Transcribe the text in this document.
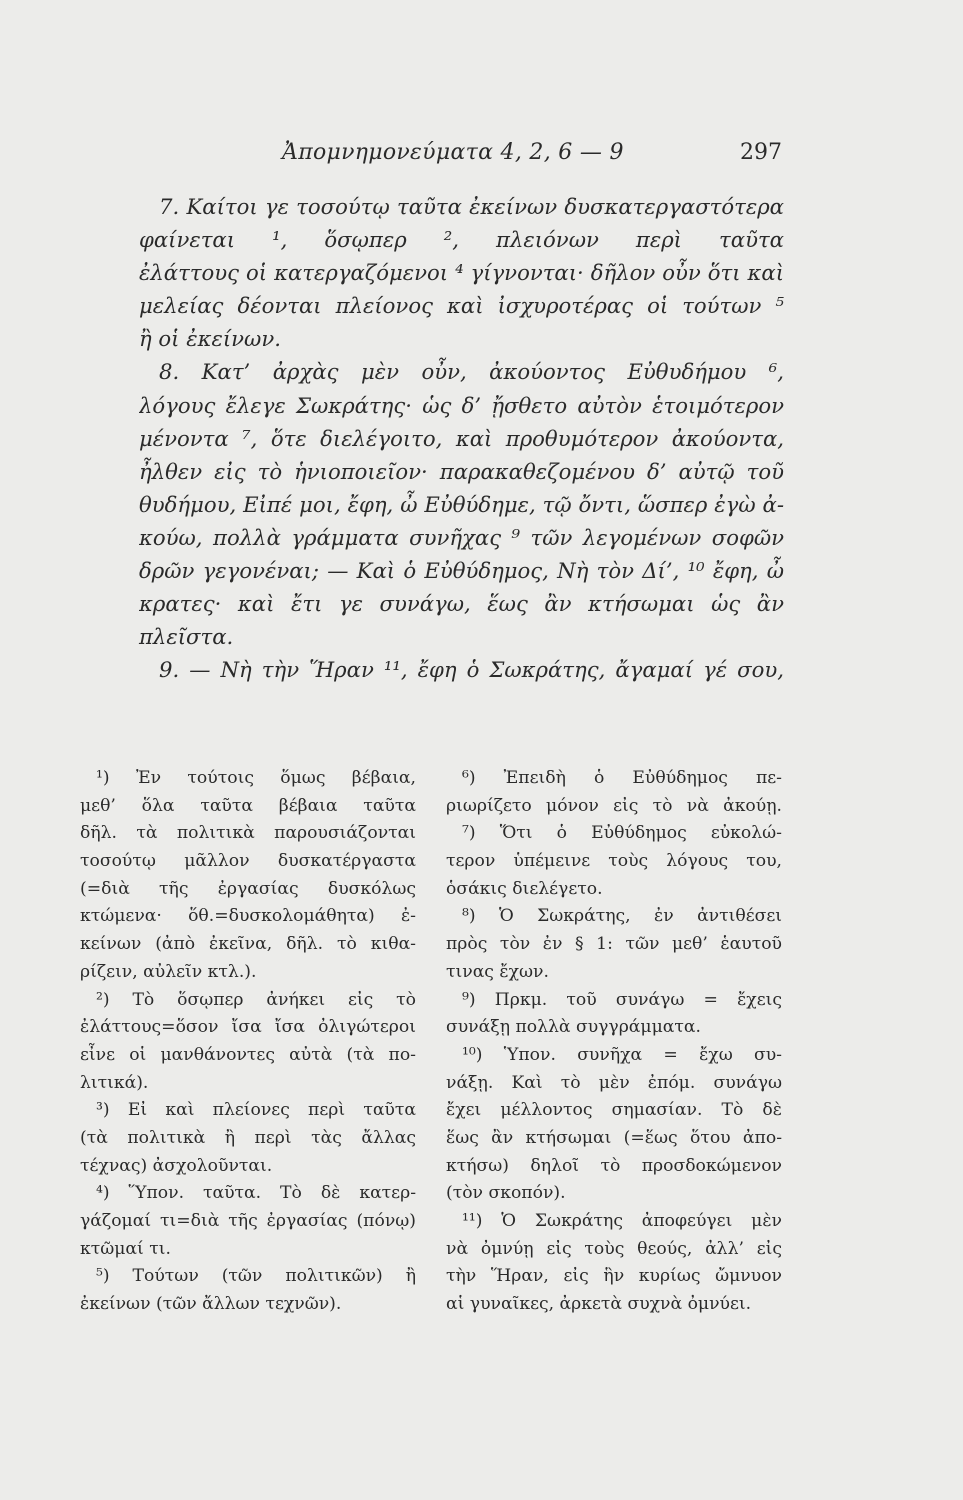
Ἀπομνημονεύματα 4, 2, 6 — 9	297
7. Καίτοι γε τοσούτῳ ταῦτα ἐκείνων δυσκατεργαστότερα
φαίνεται ¹, ὅσῳπερ ², πλειόνων περὶ ταῦτα
ἐλάττους οἱ κατεργαζόμενοι ⁴ γίγνονται· δῆλον οὖν ὅτι καὶ
μελείας δέονται πλείονος καὶ ἰσχυροτέρας οἱ τούτων ⁵
ἢ οἱ ἐκείνων.
8. Κατ’ ἀρχὰς μὲν οὖν, ἀκούοντος Εὐθυδήμου ⁶,
λόγους ἔλεγε Σωκράτης· ὡς δ’ ᾔσθετο αὐτὸν ἑτοιμότερον
μένοντα ⁷, ὅτε διελέγοιτο, καὶ προθυμότερον ἀκούοντα,
ἦλθεν εἰς τὸ ἡνιοποιεῖον· παρακαθεζομένου δ’ αὐτῷ τοῦ
θυδήμου, Εἰπέ μοι, ἔφη, ὦ Εὐθύδημε, τῷ ὄντι, ὥσπερ ἐγὼ ἀ-
κούω, πολλὰ γράμματα συνῆχας ⁹ τῶν λεγομένων σοφῶν
δρῶν γεγονέναι; — Καὶ ὁ Εὐθύδημος, Νὴ τὸν Δί’, ¹⁰ ἔφη, ὦ
κρατες· καὶ ἔτι γε συνάγω, ἕως ἂν κτήσωμαι ὡς ἂν
πλεῖστα.
9. — Νὴ τὴν Ἥραν ¹¹, ἔφη ὁ Σωκράτης, ἄγαμαί γέ σου,
¹) Ἐν τούτοις ὅμως βέβαια,
μεθ’ ὅλα ταῦτα βέβαια ταῦτα
δῆλ. τὰ πολιτικὰ παρουσιάζονται
τοσούτῳ μᾶλλον δυσκατέργαστα
(=διὰ τῆς ἐργασίας δυσκόλως
κτώμενα· ὅθ.=δυσκολομάθητα) ἐ-
κείνων (ἀπὸ ἐκεῖνα, δῆλ. τὸ κιθα-
ρίζειν, αὐλεῖν κτλ.).
²) Τὸ ὅσῳπερ ἀνήκει εἰς τὸ
ἐλάττους=ὅσον ἴσα ἴσα ὀλιγώτεροι
εἶνε οἱ μανθάνοντες αὐτὰ (τὰ πο-
λιτικά).
³) Εἰ καὶ πλείονες περὶ ταῦτα
(τὰ πολιτικὰ ἢ περὶ τὰς ἄλλας
τέχνας) ἀσχολοῦνται.
⁴) Ὕπον. ταῦτα. Τὸ δὲ κατερ-
γάζομαί τι=διὰ τῆς ἐργασίας (πόνῳ)
κτῶμαί τι.
⁵) Τούτων (τῶν πολιτικῶν) ἢ
ἐκείνων (τῶν ἄλλων τεχνῶν).
⁶) Ἐπειδὴ ὁ Εὐθύδημος πε-
ριωρίζετο μόνον εἰς τὸ νὰ ἀκούῃ.
⁷) Ὅτι ὁ Εὐθύδημος εὐκολώ-
τερον ὑπέμεινε τοὺς λόγους του,
ὁσάκις διελέγετο.
⁸) Ὁ Σωκράτης, ἐν ἀντιθέσει
πρὸς τὸν ἐν § 1: τῶν μεθ’ ἑαυτοῦ
τινας ἔχων.
⁹) Πρκμ. τοῦ συνάγω = ἔχεις
συνάξῃ πολλὰ συγγράμματα.
¹⁰) Ὑπον. συνῆχα = ἔχω συ-
νάξῃ. Καὶ τὸ μὲν ἐπόμ. συνάγω
ἔχει μέλλοντος σημασίαν. Τὸ δὲ
ἕως ἂν κτήσωμαι (=ἕως ὅτου ἀπο-
κτήσω) δηλοῖ τὸ προσδοκώμενον
(τὸν σκοπόν).
¹¹) Ὁ Σωκράτης ἀποφεύγει μὲν
νὰ ὀμνύῃ εἰς τοὺς θεούς, ἀλλ’ εἰς
τὴν Ἥραν, εἰς ἣν κυρίως ὤμνυον
αἱ γυναῖκες, ἀρκετὰ συχνὰ ὀμνύει.
